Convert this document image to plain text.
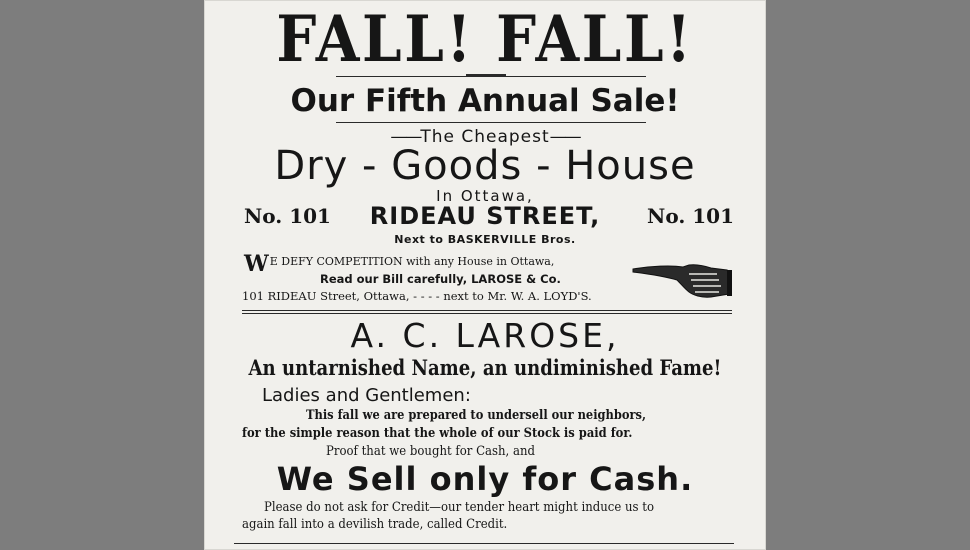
FALL! FALL!
Our Fifth Annual Sale!
—— The Cheapest ——
Dry - Goods - House
In Ottawa,
No. 101	RIDEAU STREET,	No. 101
Next to BASKERVILLE Bros.
WE DEFY COMPETITION with any House in Ottawa,
Read our Bill carefully, LAROSE & Co.
101 RIDEAU Street, Ottawa, - - - - next to Mr. W. A. LOYD'S.
A. C. LAROSE,
An untarnished Name, an undiminished Fame!
Ladies and Gentlemen:
This fall we are prepared to undersell our neighbors,
for the simple reason that the whole of our Stock is paid for.
Proof that we bought for Cash, and
We Sell only for Cash.
Please do not ask for Credit—our tender heart might induce us to
again fall into a devilish trade, called Credit.
